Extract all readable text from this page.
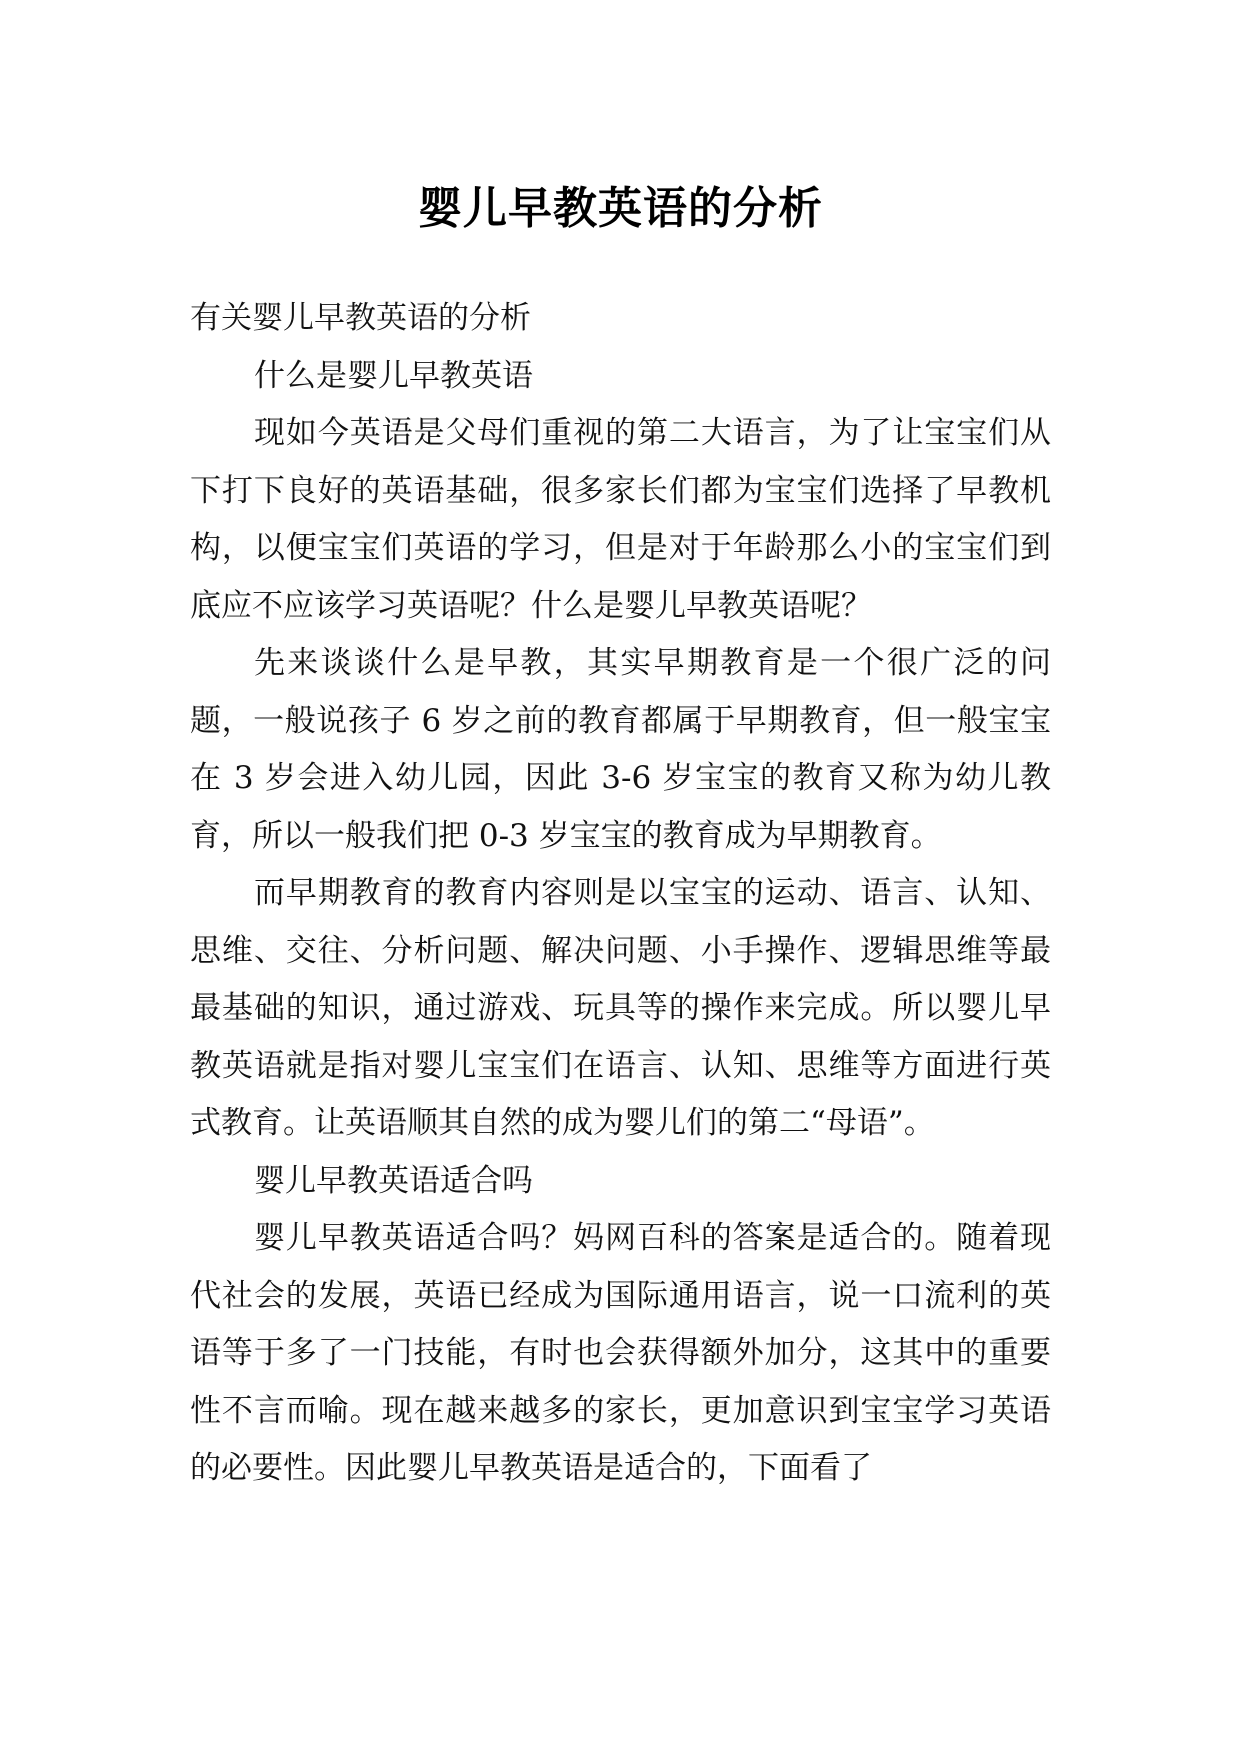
婴儿早教英语的分析

有关婴儿早教英语的分析

什么是婴儿早教英语

现如今英语是父母们重视的第二大语言，为了让宝宝们从下打下良好的英语基础，很多家长们都为宝宝们选择了早教机构，以便宝宝们英语的学习，但是对于年龄那么小的宝宝们到底应不应该学习英语呢？什么是婴儿早教英语呢？

先来谈谈什么是早教，其实早期教育是一个很广泛的问题，一般说孩子 6 岁之前的教育都属于早期教育，但一般宝宝在 3 岁会进入幼儿园，因此 3-6 岁宝宝的教育又称为幼儿教育，所以一般我们把 0-3 岁宝宝的教育成为早期教育。

而早期教育的教育内容则是以宝宝的运动、语言、认知、思维、交往、分析问题、解决问题、小手操作、逻辑思维等最最基础的知识，通过游戏、玩具等的操作来完成。所以婴儿早教英语就是指对婴儿宝宝们在语言、认知、思维等方面进行英式教育。让英语顺其自然的成为婴儿们的第二“母语”。

婴儿早教英语适合吗

婴儿早教英语适合吗？妈网百科的答案是适合的。随着现代社会的发展，英语已经成为国际通用语言，说一口流利的英语等于多了一门技能，有时也会获得额外加分，这其中的重要性不言而喻。现在越来越多的家长，更加意识到宝宝学习英语的必要性。因此婴儿早教英语是适合的，下面看了
